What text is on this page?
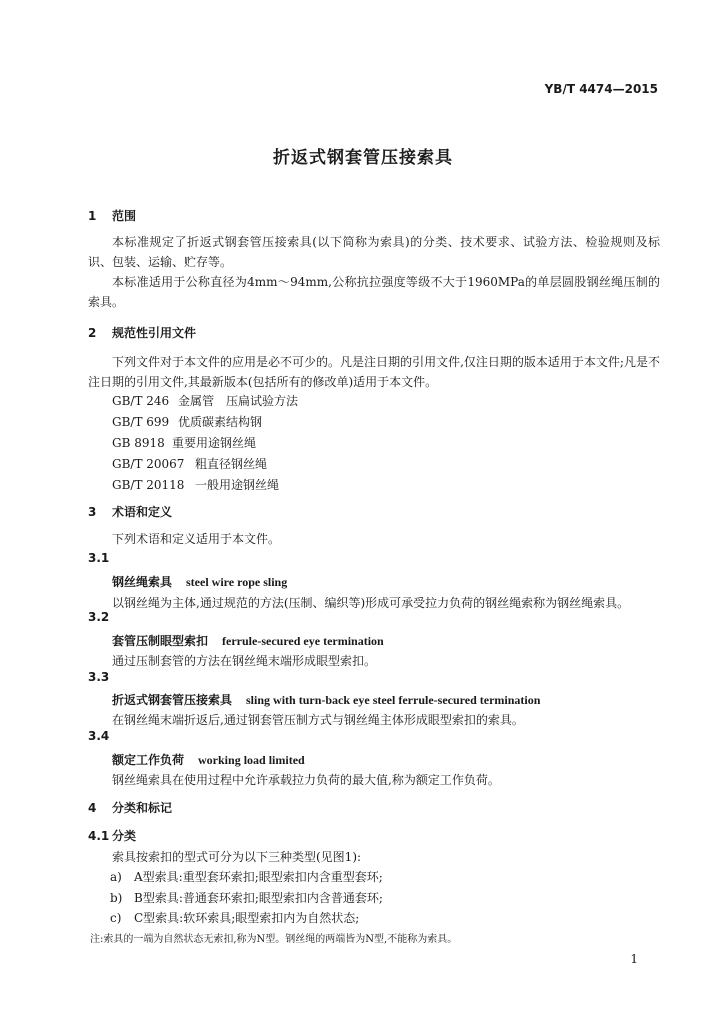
YB/T 4474—2015
折返式钢套管压接索具
1 范围

本标准规定了折返式钢套管压接索具(以下简称为索具)的分类、技术要求、试验方法、检验规则及标识、包装、运输、贮存等。

本标准适用于公称直径为4mm～94mm,公称抗拉强度等级不大于1960MPa的单层圆股钢丝绳压制的索具。

2 规范性引用文件

下列文件对于本文件的应用是必不可少的。凡是注日期的引用文件,仅注日期的版本适用于本文件;凡是不注日期的引用文件,其最新版本(包括所有的修改单)适用于本文件。

GB/T 246 金属管　压扁试验方法
GB/T 699 优质碳素结构钢
GB 8918 重要用途钢丝绳
GB/T 20067 粗直径钢丝绳
GB/T 20118 一般用途钢丝绳
3 术语和定义
下列术语和定义适用于本文件。
3.1
钢丝绳索具 steel wire rope sling
以钢丝绳为主体,通过规范的方法(压制、编织等)形成可承受拉力负荷的钢丝绳索称为钢丝绳索具。
3.2
套管压制眼型索扣 ferrule-secured eye termination
通过压制套管的方法在钢丝绳末端形成眼型索扣。
3.3
折返式钢套管压接索具 sling with turn-back eye steel ferrule-secured termination
在钢丝绳末端折返后,通过钢套管压制方式与钢丝绳主体形成眼型索扣的索具。
3.4
额定工作负荷 working load limited
钢丝绳索具在使用过程中允许承载拉力负荷的最大值,称为额定工作负荷。
4 分类和标记
4.1 分类
索具按索扣的型式可分为以下三种类型(见图1):
a) A型索具:重型套环索扣;眼型索扣内含重型套环;
b) B型索具:普通套环索扣;眼型索扣内含普通套环;
c) C型索具:软环索具;眼型索扣内为自然状态;
注:索具的一端为自然状态无索扣,称为N型。钢丝绳的两端皆为N型,不能称为索具。
1
